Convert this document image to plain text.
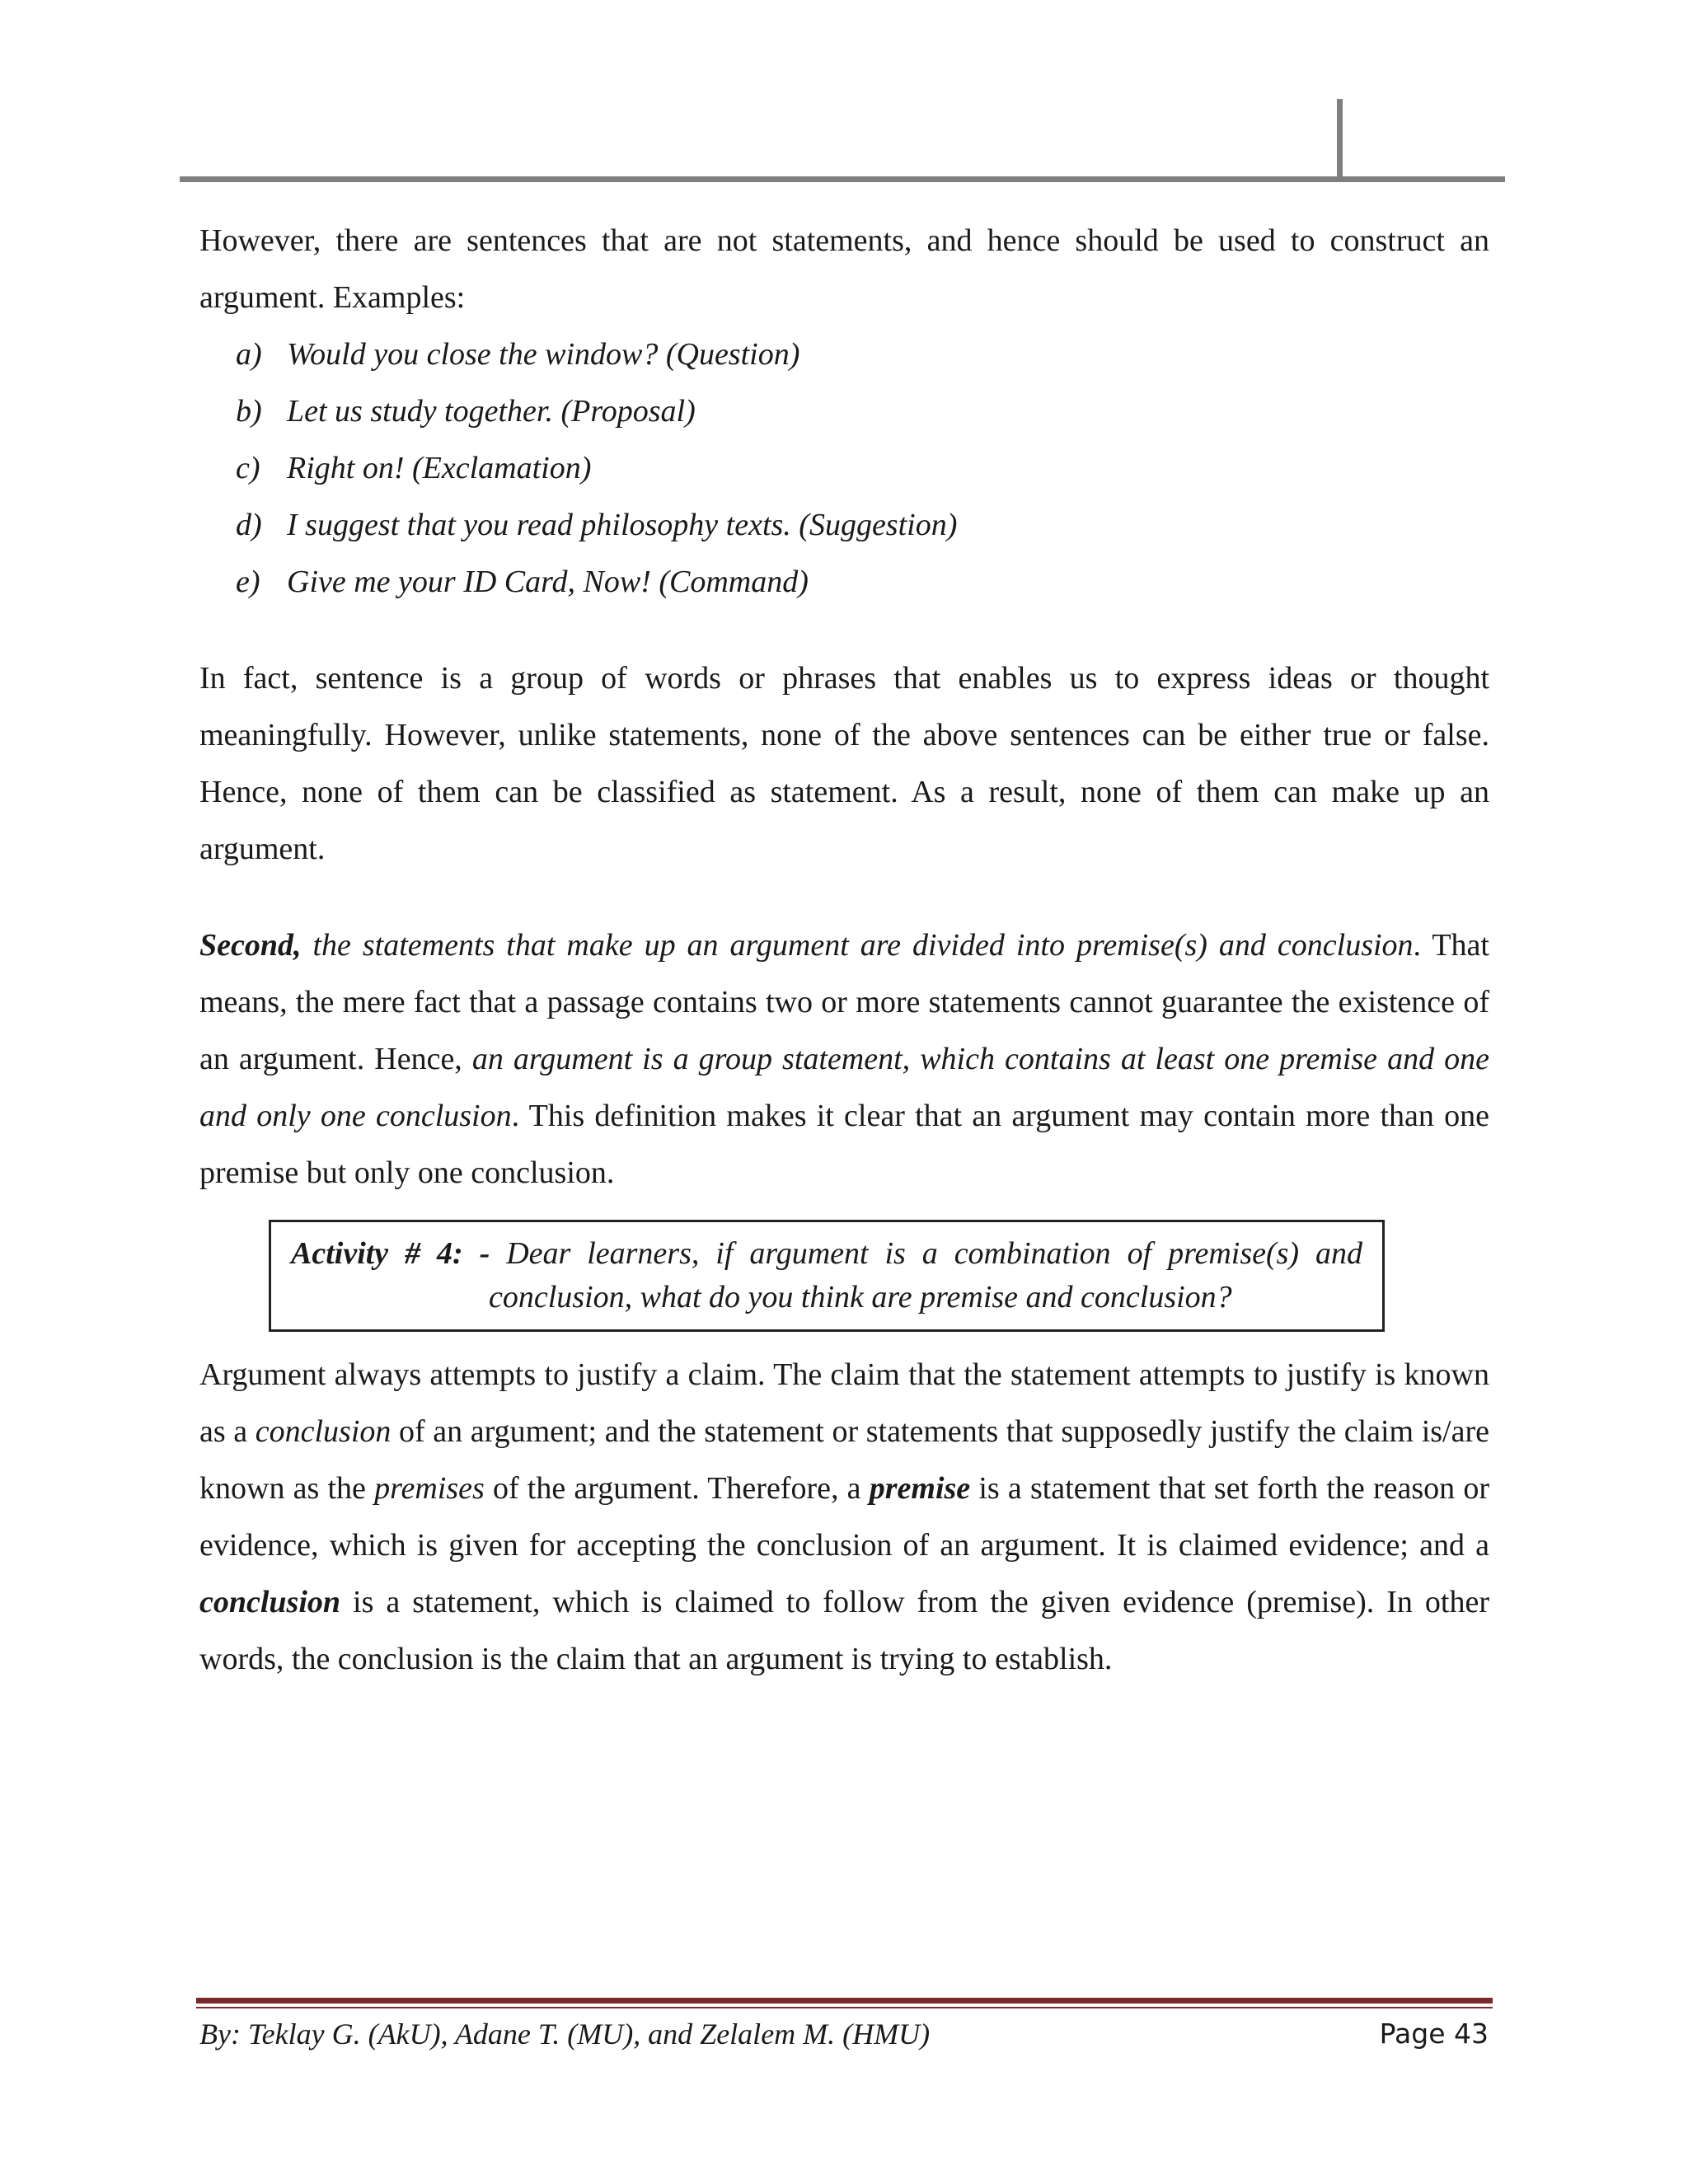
However, there are sentences that are not statements, and hence should be used to construct an argument. Examples:

a) Would you close the window? (Question)
b) Let us study together. (Proposal)
c) Right on! (Exclamation)
d) I suggest that you read philosophy texts. (Suggestion)
e) Give me your ID Card, Now! (Command)

In fact, sentence is a group of words or phrases that enables us to express ideas or thought meaningfully. However, unlike statements, none of the above sentences can be either true or false. Hence, none of them can be classified as statement. As a result, none of them can make up an argument.

Second, the statements that make up an argument are divided into premise(s) and conclusion. That means, the mere fact that a passage contains two or more statements cannot guarantee the existence of an argument. Hence, an argument is a group statement, which contains at least one premise and one and only one conclusion. This definition makes it clear that an argument may contain more than one premise but only one conclusion.

Activity # 4: - Dear learners, if argument is a combination of premise(s) and
conclusion, what do you think are premise and conclusion?

Argument always attempts to justify a claim. The claim that the statement attempts to justify is known as a conclusion of an argument; and the statement or statements that supposedly justify the claim is/are known as the premises of the argument. Therefore, a premise is a statement that set forth the reason or evidence, which is given for accepting the conclusion of an argument. It is claimed evidence; and a conclusion is a statement, which is claimed to follow from the given evidence (premise). In other words, the conclusion is the claim that an argument is trying to establish.

By: Teklay G. (AkU), Adane T. (MU), and Zelalem M. (HMU)	Page 43
